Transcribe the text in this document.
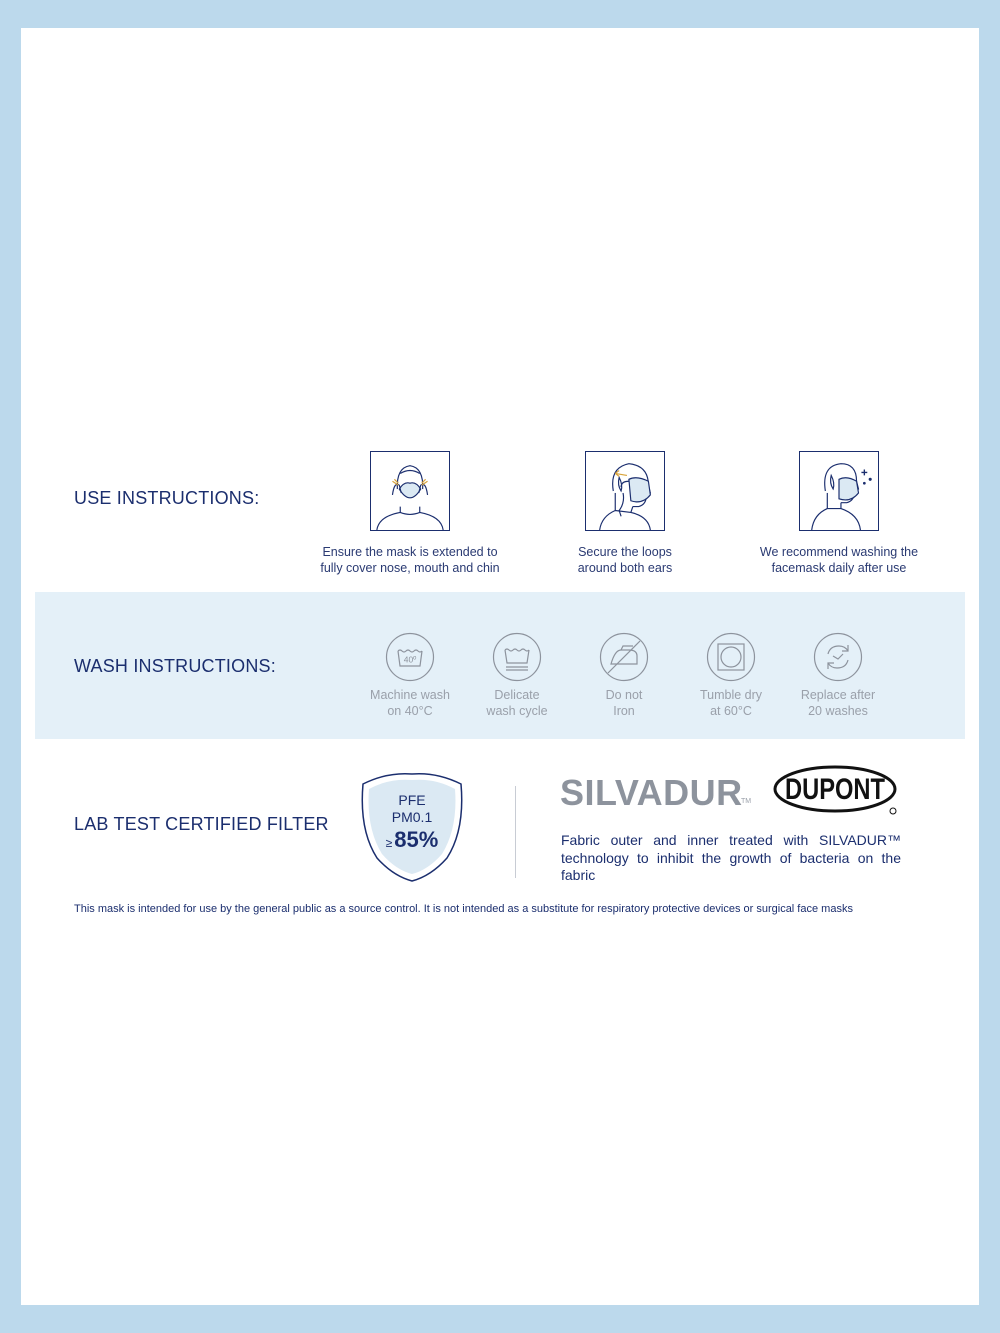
USE INSTRUCTIONS:
Ensure the mask is extended to
fully cover nose, mouth and chin
Secure the loops
around both ears
We recommend washing the
facemask daily after use
WASH INSTRUCTIONS:	40º
Machine wash
on 40°C
Delicate
wash cycle
Do not
Iron
Tumble dry
at 60°C
Replace after
20 washes
LAB TEST CERTIFIED FILTER
PFE
PM0.1
≥85%
SILVADUR
TM DUPONT
Fabric outer and inner treated with SILVADUR™ technology to inhibit the growth of bacteria on the fabric
This mask is intended for use by the general public as a source control. It is not intended as a substitute for respiratory protective devices or surgical face masks
